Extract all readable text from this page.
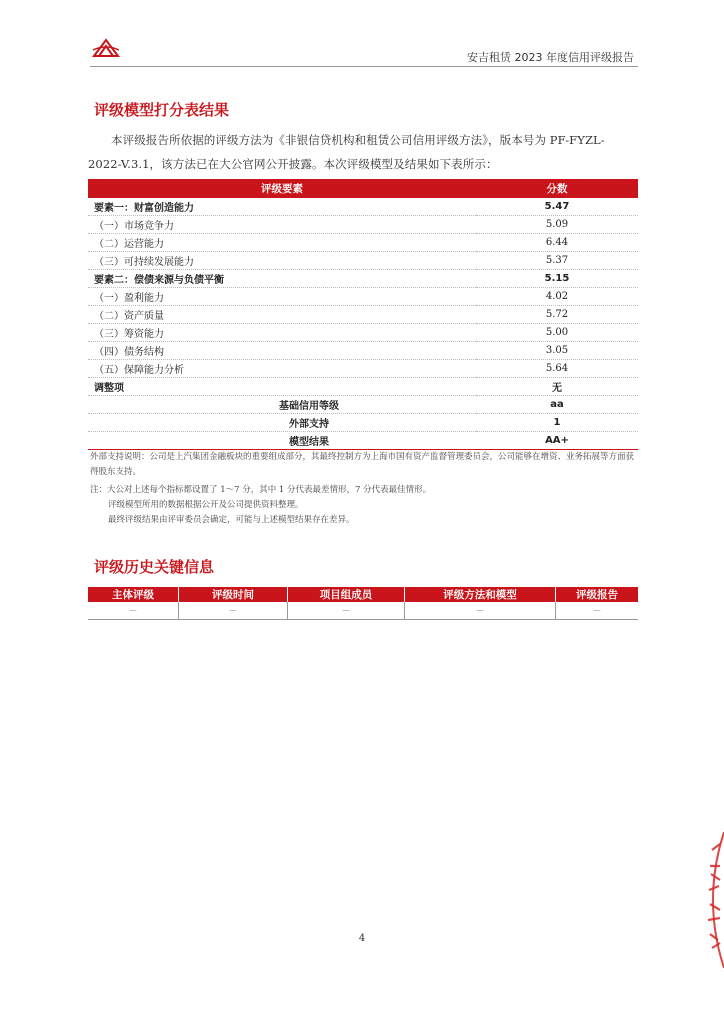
安吉租赁 2023 年度信用评级报告
评级模型打分表结果
本评级报告所依据的评级方法为《非银信贷机构和租赁公司信用评级方法》，版本号为 PF-FYZL-2022-V.3.1，该方法已在大公官网公开披露。本次评级模型及结果如下表所示：
评级要素	分数
要素一：财富创造能力	5.47
（一）市场竞争力	5.09
（二）运营能力	6.44
（三）可持续发展能力	5.37
要素二：偿债来源与负债平衡	5.15
（一）盈利能力	4.02
（二）资产质量	5.72
（三）筹资能力	5.00
（四）债务结构	3.05
（五）保障能力分析	5.64
调整项	无
基础信用等级	aa
外部支持	1
模型结果	AA+

外部支持说明：公司是上汽集团金融板块的重要组成部分，其最终控制方为上海市国有资产监督管理委员会，公司能够在增资、业务拓展等方面获得股东支持。

注：大公对上述每个指标都设置了 1～7 分，其中 1 分代表最差情形，7 分代表最佳情形。

评级模型所用的数据根据公开及公司提供资料整理。

最终评级结果由评审委员会确定，可能与上述模型结果存在差异。

评级历史关键信息
主体评级	评级时间	项目组成员	评级方法和模型	评级报告
－	－	－	－	－
4
